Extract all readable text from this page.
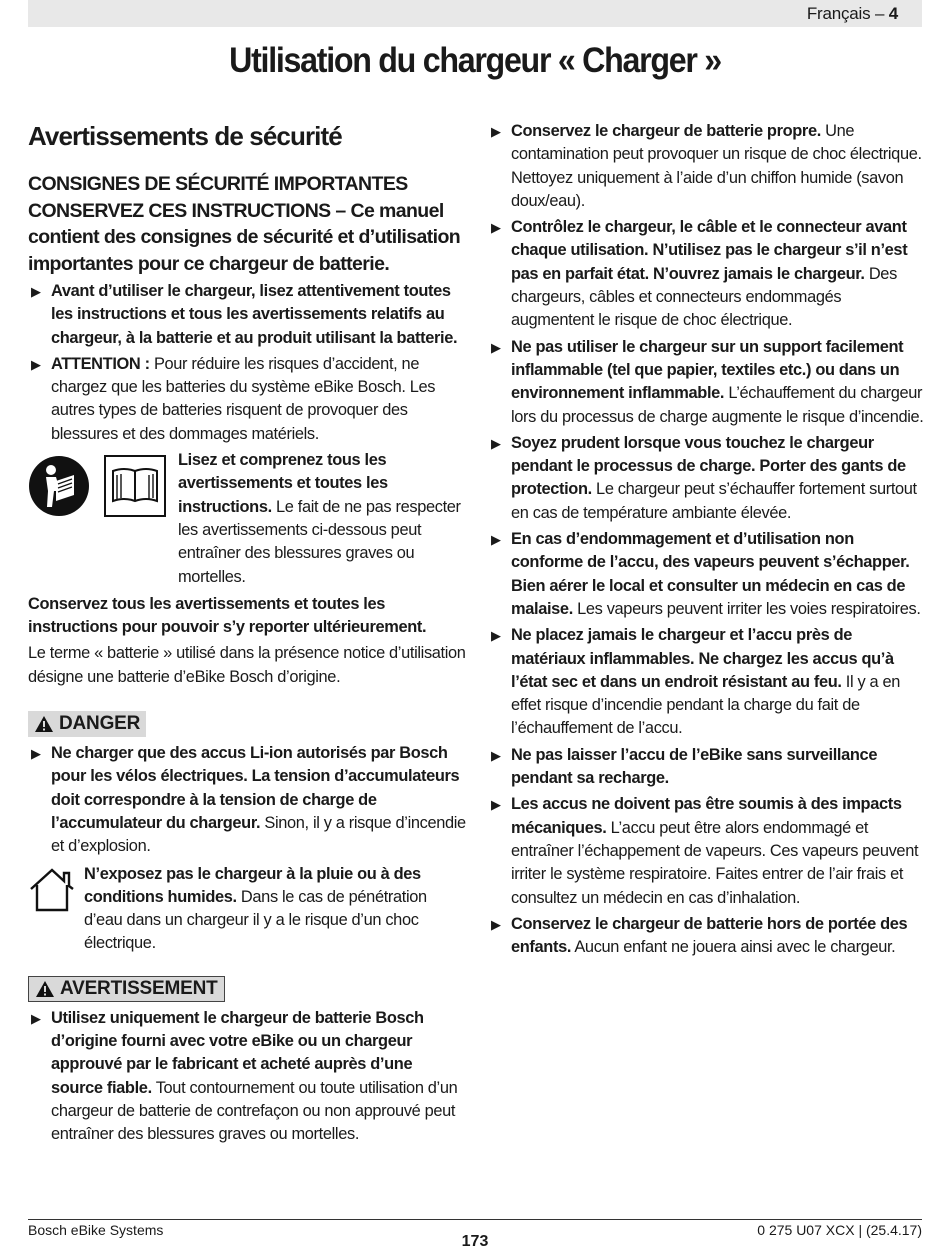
Français – 4
Utilisation du chargeur « Charger »
Avertissements de sécurité
CONSIGNES DE SÉCURITÉ IMPORTANTES CONSERVEZ CES INSTRUCTIONS – Ce manuel contient des consignes de sécurité et d’utilisation importantes pour ce chargeur de batterie.
▶ Avant d’utiliser le chargeur, lisez attentivement toutes les instructions et tous les avertissements relatifs au chargeur, à la batterie et au produit utilisant la batterie.
▶ ATTENTION : Pour réduire les risques d’accident, ne chargez que les batteries du système eBike Bosch. Les autres types de batteries risquent de provoquer des blessures et des dommages matériels.
Lisez et comprenez tous les avertissements et toutes les instructions. Le fait de ne pas respecter les avertissements ci-dessous peut entraîner des blessures graves ou mortelles.
Conservez tous les avertissements et toutes les instructions pour pouvoir s’y reporter ultérieurement.
Le terme « batterie » utilisé dans la présence notice d’utilisation désigne une batterie d’eBike Bosch d’origine.
DANGER
▶ Ne charger que des accus Li-ion autorisés par Bosch pour les vélos électriques. La tension d’accumulateurs doit correspondre à la tension de charge de l’accumulateur du chargeur. Sinon, il y a risque d’incendie et d’explosion.
N’exposez pas le chargeur à la pluie ou à des conditions humides. Dans le cas de pénétration d’eau dans un chargeur il y a le risque d’un choc électrique.
AVERTISSEMENT
▶ Utilisez uniquement le chargeur de batterie Bosch d’origine fourni avec votre eBike ou un chargeur approuvé par le fabricant et acheté auprès d’une source fiable. Tout contournement ou toute utilisation d’un chargeur de batterie de contrefaçon ou non approuvé peut entraîner des blessures graves ou mortelles.
▶ Conservez le chargeur de batterie propre. Une contamination peut provoquer un risque de choc électrique. Nettoyez uniquement à l’aide d’un chiffon humide (savon doux/eau).
▶ Contrôlez le chargeur, le câble et le connecteur avant chaque utilisation. N’utilisez pas le chargeur s’il n’est pas en parfait état. N’ouvrez jamais le chargeur. Des chargeurs, câbles et connecteurs endommagés augmentent le risque de choc électrique.
▶ Ne pas utiliser le chargeur sur un support facilement inflammable (tel que papier, textiles etc.) ou dans un environnement inflammable. L’échauffement du chargeur lors du processus de charge augmente le risque d’incendie.
▶ Soyez prudent lorsque vous touchez le chargeur pendant le processus de charge. Porter des gants de protection. Le chargeur peut s’échauffer fortement surtout en cas de température ambiante élevée.
▶ En cas d’endommagement et d’utilisation non conforme de l’accu, des vapeurs peuvent s’échapper. Bien aérer le local et consulter un médecin en cas de malaise. Les vapeurs peuvent irriter les voies respiratoires.
▶ Ne placez jamais le chargeur et l’accu près de matériaux inflammables. Ne chargez les accus qu’à l’état sec et dans un endroit résistant au feu. Il y a en effet risque d’incendie pendant la charge du fait de l’échauffement de l’accu.
▶ Ne pas laisser l’accu de l’eBike sans surveillance pendant sa recharge.
▶ Les accus ne doivent pas être soumis à des impacts mécaniques. L’accu peut être alors endommagé et entraîner l’échappement de vapeurs. Ces vapeurs peuvent irriter le système respiratoire. Faites entrer de l’air frais et consultez un médecin en cas d’inhalation.
▶ Conservez le chargeur de batterie hors de portée des enfants. Aucun enfant ne jouera ainsi avec le chargeur.
Bosch eBike Systems
173
0 275 U07 XCX | (25.4.17)
